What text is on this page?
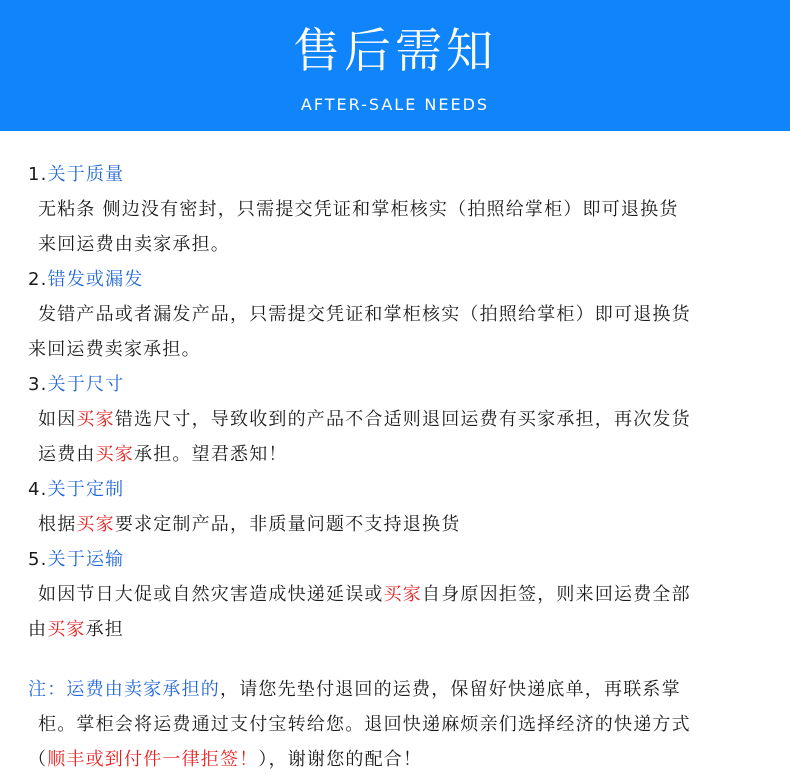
售后需知
AFTER-SALE NEEDS
1.关于质量
无粘条 侧边没有密封，只需提交凭证和掌柜核实（拍照给掌柜）即可退换货
来回运费由卖家承担。
2.错发或漏发
发错产品或者漏发产品，只需提交凭证和掌柜核实（拍照给掌柜）即可退换货
来回运费卖家承担。
3.关于尺寸
如因买家错选尺寸，导致收到的产品不合适则退回运费有买家承担，再次发货
运费由买家承担。望君悉知！
4.关于定制
根据买家要求定制产品，非质量问题不支持退换货
5.关于运输
如因节日大促或自然灾害造成快递延误或买家自身原因拒签，则来回运费全部
由买家承担
注：运费由卖家承担的，请您先垫付退回的运费，保留好快递底单，再联系掌
柜。掌柜会将运费通过支付宝转给您。退回快递麻烦亲们选择经济的快递方式
（顺丰或到付件一律拒签！），谢谢您的配合！
